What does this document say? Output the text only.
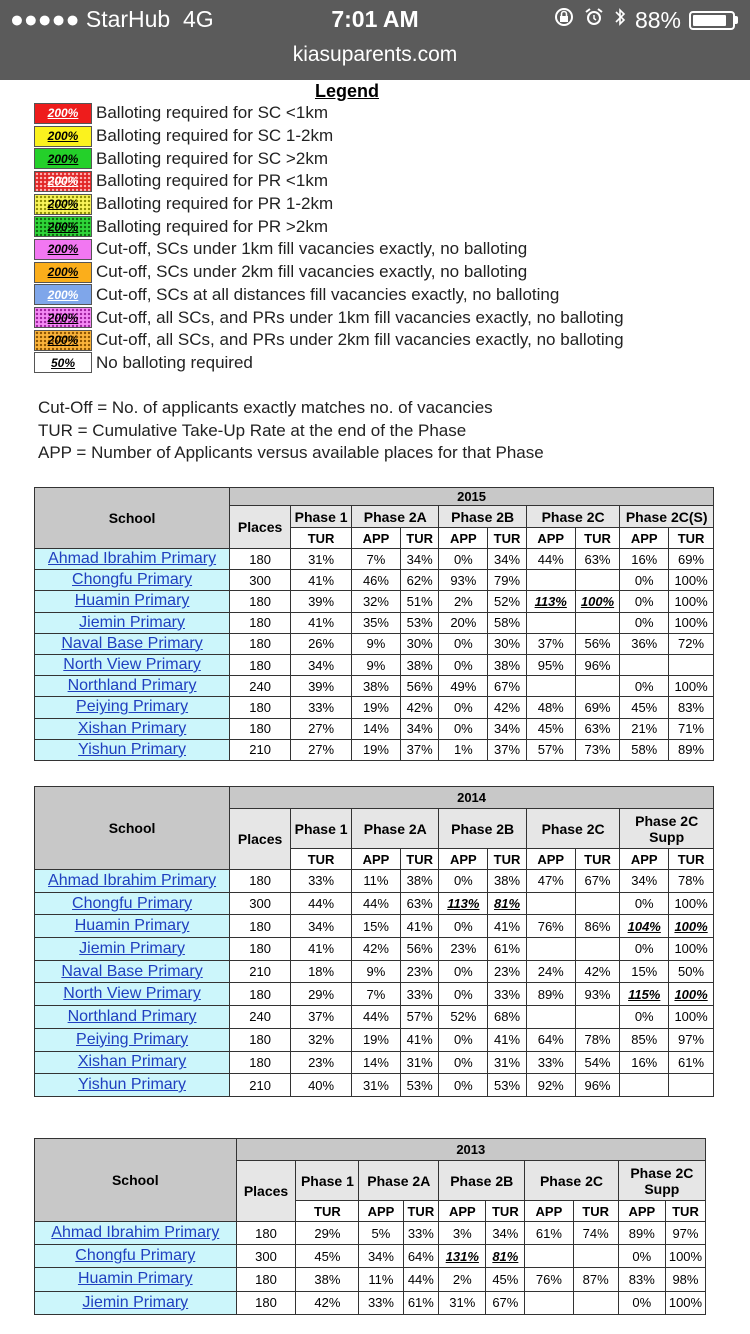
●●●●● StarHub 4G	7:01 AM	88%
kiasuparents.com
Legend
200%	Balloting required for SC <1km
200%	Balloting required for SC 1-2km
200%	Balloting required for SC >2km
200%	Balloting required for PR <1km
200%	Balloting required for PR 1-2km
200%	Balloting required for PR >2km
200%	Cut-off, SCs under 1km fill vacancies exactly, no balloting
200%	Cut-off, SCs under 2km fill vacancies exactly, no balloting
200%	Cut-off, SCs at all distances fill vacancies exactly, no balloting
200%	Cut-off, all SCs, and PRs under 1km fill vacancies exactly, no balloting
200%	Cut-off, all SCs, and PRs under 2km fill vacancies exactly, no balloting
50%	No balloting required
Cut-Off = No. of applicants exactly matches no. of vacancies
TUR = Cumulative Take-Up Rate at the end of the Phase
APP = Number of Applicants versus available places for that Phase
School	2015									
	Places	Phase 1	Phase 2A		Phase 2B		Phase 2C		Phase 2C(S)	
		TUR	APP	TUR	APP	TUR	APP	TUR	APP	TUR
Ahmad Ibrahim Primary	180	31%	7%	34%	0%	34%	44%	63%	16%	69%
Chongfu Primary	300	41%	46%	62%	93%	79%	124%	100%	0%	100%
Huamin Primary	180	39%	32%	51%	2%	52%	113%	100%	0%	100%
Jiemin Primary	180	41%	35%	53%	20%	58%	113%	100%	0%	100%
Naval Base Primary	180	26%	9%	30%	0%	30%	37%	56%	36%	72%
North View Primary	180	34%	9%	38%	0%	38%	95%	96%	186%	100%
Northland Primary	240	39%	38%	56%	49%	67%	200%	100%	0%	100%
Peiying Primary	180	33%	19%	42%	0%	42%	48%	69%	45%	83%
Xishan Primary	180	27%	14%	34%	0%	34%	45%	63%	21%	71%
Yishun Primary	210	27%	19%	37%	1%	37%	57%	73%	58%	89%
School	2014									
	Places	Phase 1	Phase 2A		Phase 2B		Phase 2C		Phase 2C Supp	
		TUR	APP	TUR	APP	TUR	APP	TUR	APP	TUR
Ahmad Ibrahim Primary	180	33%	11%	38%	0%	38%	47%	67%	34%	78%
Chongfu Primary	300	44%	44%	63%	113%	81%	163%	100%	0%	100%
Huamin Primary	180	34%	15%	41%	0%	41%	76%	86%	104%	100%
Jiemin Primary	180	41%	42%	56%	23%	61%	115%	100%	0%	100%
Naval Base Primary	210	18%	9%	23%	0%	23%	24%	42%	15%	50%
North View Primary	180	29%	7%	33%	0%	33%	89%	93%	115%	100%
Northland Primary	240	37%	44%	57%	52%	68%	203%	100%	0%	100%
Peiying Primary	180	32%	19%	41%	0%	41%	64%	78%	85%	97%
Xishan Primary	180	23%	14%	31%	0%	31%	33%	54%	16%	61%
Yishun Primary	210	40%	31%	53%	0%	53%	92%	96%	113%	100%
School	2013									
	Places	Phase 1	Phase 2A		Phase 2B		Phase 2C		Phase 2C Supp	
		TUR	APP	TUR	APP	TUR	APP	TUR	APP	TUR
Ahmad Ibrahim Primary	180	29%	5%	33%	3%	34%	61%	74%	89%	97%
Chongfu Primary	300	45%	34%	64%	131%	81%	179%	100%	0%	100%
Huamin Primary	180	38%	11%	44%	2%	45%	76%	87%	83%	98%
Jiemin Primary	180	42%	33%	61%	31%	67%	151%	100%	0%	100%
